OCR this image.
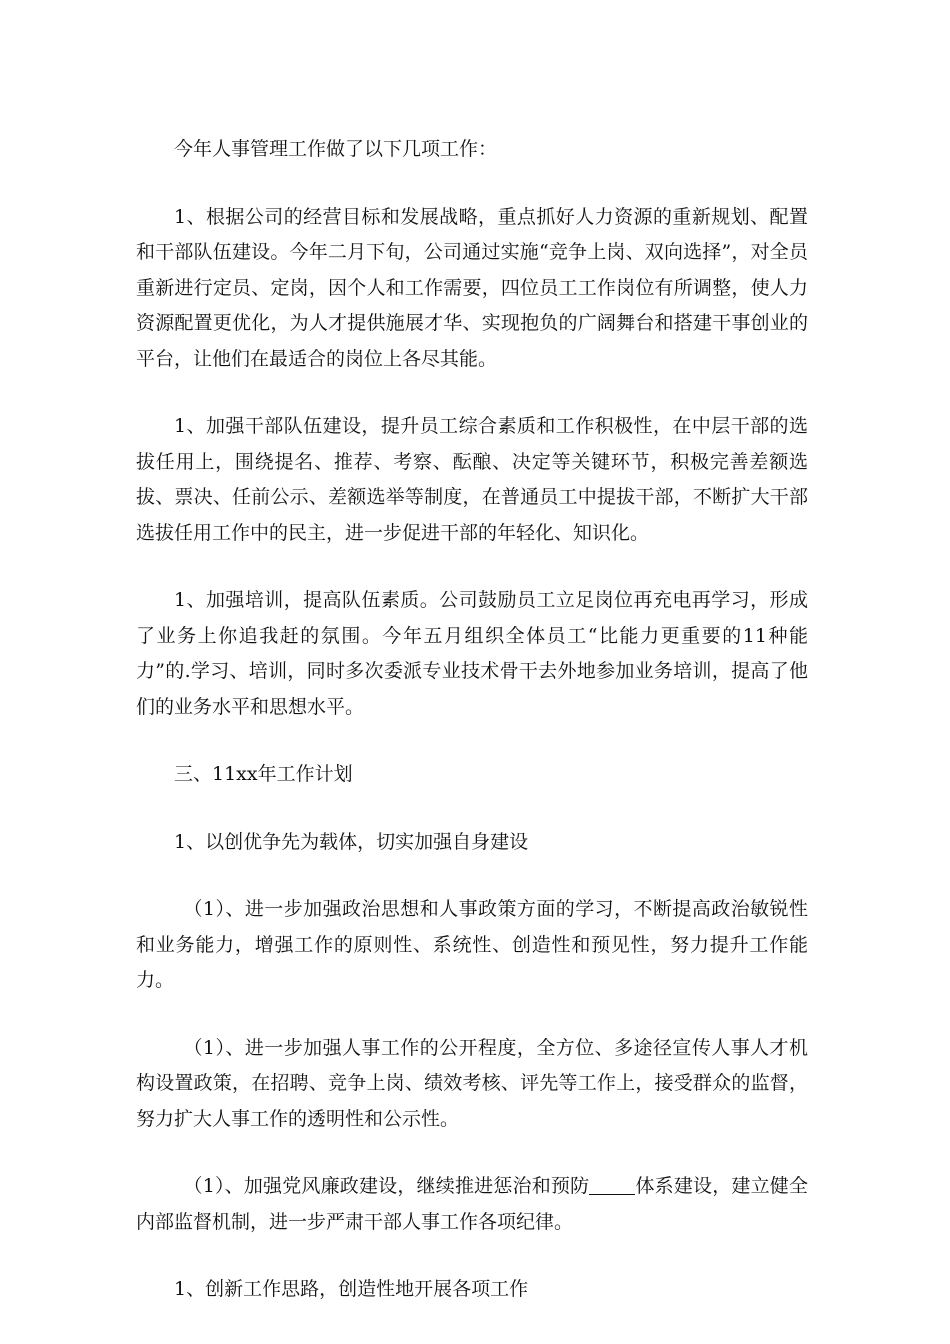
今年人事管理工作做了以下几项工作：

1、根据公司的经营目标和发展战略，重点抓好人力资源的重新规划、配置和干部队伍建设。今年二月下旬，公司通过实施“竞争上岗、双向选择”，对全员重新进行定员、定岗，因个人和工作需要，四位员工工作岗位有所调整，使人力资源配置更优化，为人才提供施展才华、实现抱负的广阔舞台和搭建干事创业的平台，让他们在最适合的岗位上各尽其能。

1、加强干部队伍建设，提升员工综合素质和工作积极性，在中层干部的选拔任用上，围绕提名、推荐、考察、酝酿、决定等关键环节，积极完善差额选拔、票决、任前公示、差额选举等制度，在普通员工中提拔干部，不断扩大干部选拔任用工作中的民主，进一步促进干部的年轻化、知识化。

1、加强培训，提高队伍素质。公司鼓励员工立足岗位再充电再学习，形成了业务上你追我赶的氛围。今年五月组织全体员工“比能力更重要的11种能力”的.学习、培训，同时多次委派专业技术骨干去外地参加业务培训，提高了他们的业务水平和思想水平。

三、11xx年工作计划

1、以创优争先为载体，切实加强自身建设

（1）、进一步加强政治思想和人事政策方面的学习，不断提高政治敏锐性和业务能力，增强工作的原则性、系统性、创造性和预见性，努力提升工作能力。

（1）、进一步加强人事工作的公开程度，全方位、多途径宣传人事人才机构设置政策，在招聘、竞争上岗、绩效考核、评先等工作上，接受群众的监督，努力扩大人事工作的透明性和公示性。

（1）、加强党风廉政建设，继续推进惩治和预防 体系建设，建立健全内部监督机制，进一步严肃干部人事工作各项纪律。

1、创新工作思路，创造性地开展各项工作
